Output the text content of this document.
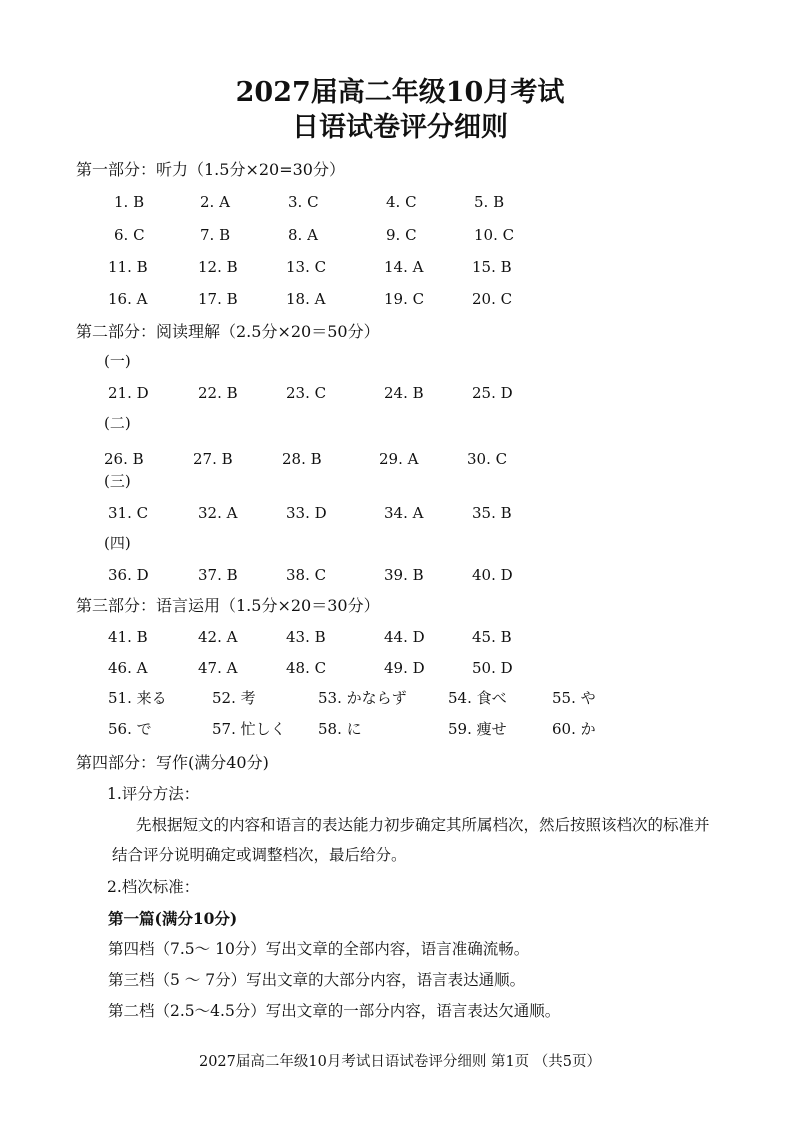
2027届高二年级10月考试
日语试卷评分细则
第一部分：听力（1.5分×20=30分）
1. B	2. A	3. C	4. C	5. B
6. C	7. B	8. A	9. C	10. C
11. B	12. B	13. C	14. A	15. B
16. A	17. B	18. A	19. C	20. C
第二部分：阅读理解（2.5分×20＝50分）
(一)
21. D	22. B	23. C	24. B	25. D
(二)
26. B	27. B	28. B	29. A	30. C
(三)
31. C	32. A	33. D	34. A	35. B
(四)
36. D	37. B	38. C	39. B	40. D
第三部分：语言运用（1.5分×20＝30分）
41. B	42. A	43. B	44. D	45. B
46. A	47. A	48. C	49. D	50. D
51. 来る	52. 考	53. かならず	54. 食べ	55. や
56. で	57. 忙しく 58. に	59. 痩せ	60. か
第四部分：写作(满分40分)
1.评分方法：
先根据短文的内容和语言的表达能力初步确定其所属档次，然后按照该档次的标准并
结合评分说明确定或调整档次，最后给分。
2.档次标准：
第一篇(满分10分)
第四档（7.5～ 10分）写出文章的全部内容，语言准确流畅。
第三档（5 ～ 7分）写出文章的大部分内容，语言表达通顺。
第二档（2.5～4.5分）写出文章的一部分内容，语言表达欠通顺。
2027届高二年级10月考试日语试卷评分细则 第1页 （共5页）
